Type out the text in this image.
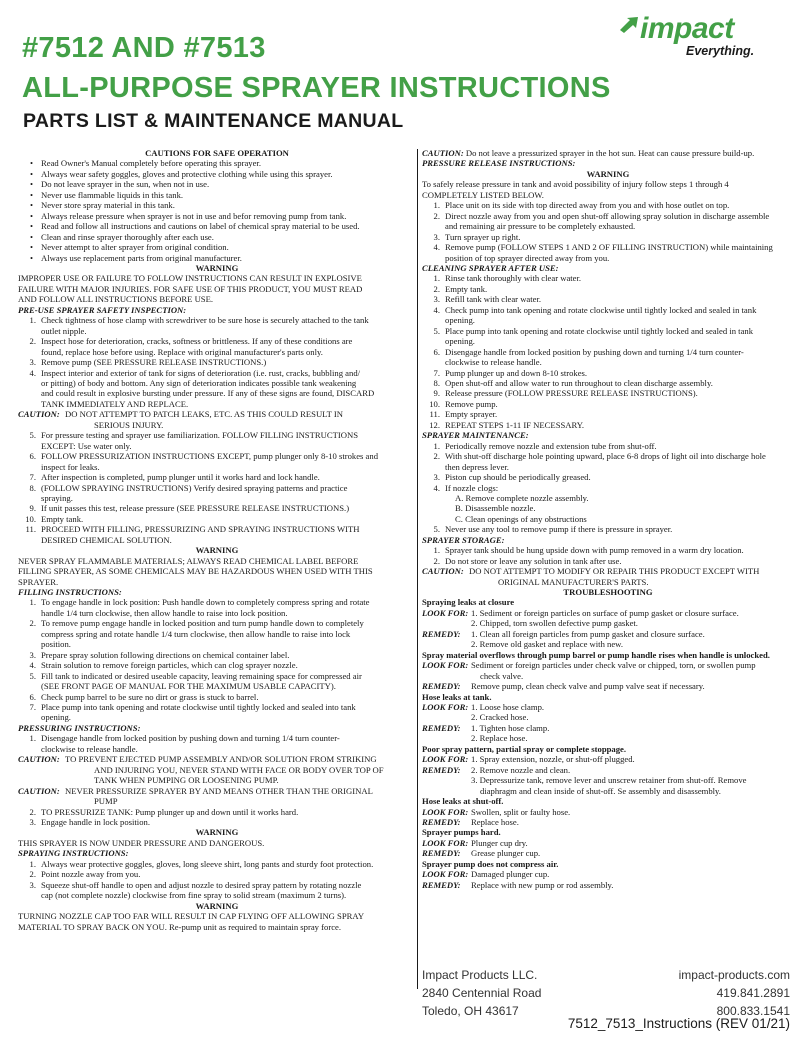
#7512 AND #7513
ALL-PURPOSE SPRAYER INSTRUCTIONS
PARTS LIST & MAINTENANCE MANUAL
impact
Everything.
CAUTIONS FOR SAFE OPERATION
• Read Owner's Manual completely before operating this sprayer.
• Always wear safety goggles, gloves and protective clothing while using this sprayer.
• Do not leave sprayer in the sun, when not in use.
• Never use flammable liquids in this tank.
• Never store spray material in this tank.
• Always release pressure when sprayer is not in use and befor removing pump from tank.
• Read and follow all instructions and cautions on label of chemical spray material to be used.
• Clean and rinse sprayer thoroughly after each use.
• Never attempt to alter sprayer from original condition.
• Always use replacement parts from original manufacturer.
WARNING
IMPROPER USE OR FAILURE TO FOLLOW INSTRUCTIONS CAN RESULT IN EXPLOSIVE
FAILURE WITH MAJOR INJURIES. FOR SAFE USE OF THIS PRODUCT, YOU MUST READ
AND FOLLOW ALL INSTRUCTIONS BEFORE USE.
PRE-USE SPRAYER SAFETY INSPECTION:
1. Check tightness of hose clamp with screwdriver to be sure hose is securely attached to the tank
outlet nipple.
2. Inspect hose for deterioration, cracks, softness or brittleness. If any of these conditions are
found, replace hose before using. Replace with original manufacturer's parts only.
3. Remove pump (SEE PRESSURE RELEASE INSTRUCTIONS.)
4. Inspect interior and exterior of tank for signs of deterioration (i.e. rust, cracks, bubbling and/
or pitting) of body and bottom. Any sign of deterioration indicates possible tank weakening
and could result in explosive bursting under pressure. If any of these signs are found, DISCARD
TANK IMMEDIATELY AND REPLACE.
CAUTION: DO NOT ATTEMPT TO PATCH LEAKS, ETC. AS THIS COULD RESULT IN
SERIOUS INJURY.
5. For pressure testing and sprayer use familiarization. FOLLOW FILLING INSTRUCTIONS
EXCEPT: Use water only.
6. FOLLOW PRESSURIZATION INSTRUCTIONS EXCEPT, pump plunger only 8-10 strokes and
inspect for leaks.
7. After inspection is completed, pump plunger until it works hard and lock handle.
8. (FOLLOW SPRAYING INSTRUCTIONS) Verify desired spraying patterns and practice
spraying.
9. If unit passes this test, release pressure (SEE PRESSURE RELEASE INSTRUCTIONS.)
10. Empty tank.
11. PROCEED WITH FILLING, PRESSURIZING AND SPRAYING INSTRUCTIONS WITH
DESIRED CHEMICAL SOLUTION.
WARNING
NEVER SPRAY FLAMMABLE MATERIALS; ALWAYS READ CHEMICAL LABEL BEFORE
FILLING SPRAYER, AS SOME CHEMICALS MAY BE HAZARDOUS WHEN USED WITH THIS
SPRAYER.
FILLING INSTRUCTIONS:
1. To engage handle in lock position: Push handle down to completely compress spring and rotate
handle 1/4 turn clockwise, then allow handle to raise into lock position.
2. To remove pump engage handle in locked position and turn pump handle down to completely
compress spring and rotate handle 1/4 turn clockwise, then allow handle to raise into lock
position.
3. Prepare spray solution following directions on chemical container label.
4. Strain solution to remove foreign particles, which can clog sprayer nozzle.
5. Fill tank to indicated or desired useable capacity, leaving remaining space for compressed air
(SEE FRONT PAGE OF MANUAL FOR THE MAXIMUM USABLE CAPACITY).
6. Check pump barrel to be sure no dirt or grass is stuck to barrel.
7. Place pump into tank opening and rotate clockwise until tightly locked and sealed into tank
opening.
PRESSURING INSTRUCTIONS:
1. Disengage handle from locked position by pushing down and turning 1/4 turn counter-
clockwise to release handle.
CAUTION: TO PREVENT EJECTED PUMP ASSEMBLY AND/OR SOLUTION FROM STRIKING
AND INJURING YOU, NEVER STAND WITH FACE OR BODY OVER TOP OF
TANK WHEN PUMPING OR LOOSENING PUMP.
CAUTION: NEVER PRESSURIZE SPRAYER BY AND MEANS OTHER THAN THE ORIGINAL
PUMP
2. TO PRESSURIZE TANK: Pump plunger up and down until it works hard.
3. Engage handle in lock position.
WARNING
THIS SPRAYER IS NOW UNDER PRESSURE AND DANGEROUS.
SPRAYING INSTRUCTIONS:
1. Always wear protective goggles, gloves, long sleeve shirt, long pants and sturdy foot protection.
2. Point nozzle away from you.
3. Squeeze shut-off handle to open and adjust nozzle to desired spray pattern by rotating nozzle
cap (not complete nozzle) clockwise from fine spray to solid stream (maximum 2 turns).
WARNING
TURNING NOZZLE CAP TOO FAR WILL RESULT IN CAP FLYING OFF ALLOWING SPRAY
MATERIAL TO SPRAY BACK ON YOU. Re-pump unit as required to maintain spray force.
CAUTION: Do not leave a pressurized sprayer in the hot sun. Heat can cause pressure build-up.
PRESSURE RELEASE INSTRUCTIONS:
WARNING
To safely release pressure in tank and avoid possibility of injury follow steps 1 through 4
COMPLETELY LISTED BELOW.
1. Place unit on its side with top directed away from you and with hose outlet on top.
2. Direct nozzle away from you and open shut-off allowing spray solution in discharge assemble
and remaining air pressure to be completely exhausted.
3. Turn sprayer up right.
4. Remove pump (FOLLOW STEPS 1 AND 2 OF FILLING INSTRUCTION) while maintaining
position of top sprayer directed away from you.
CLEANING SPRAYER AFTER USE:
1. Rinse tank thoroughly with clear water.
2. Empty tank.
3. Refill tank with clear water.
4. Check pump into tank opening and rotate clockwise until tightly locked and sealed in tank
opening.
5. Place pump into tank opening and rotate clockwise until tightly locked and sealed in tank
opening.
6. Disengage handle from locked position by pushing down and turning 1/4 turn counter-
clockwise to release handle.
7. Pump plunger up and down 8-10 strokes.
8. Open shut-off and allow water to run throughout to clean discharge assembly.
9. Release pressure (FOLLOW PRESSURE RELEASE INSTRUCTIONS).
10. Remove pump.
11. Empty sprayer.
12. REPEAT STEPS 1-11 IF NECESSARY.
SPRAYER MAINTENANCE:
1. Periodically remove nozzle and extension tube from shut-off.
2. With shut-off discharge hole pointing upward, place 6-8 drops of light oil into discharge hole
then depress lever.
3. Piston cup should be periodically greased.
4. If nozzle clogs:
A. Remove complete nozzle assembly.
B. Disassemble nozzle.
C. Clean openings of any obstructions
5. Never use any tool to remove pump if there is pressure in sprayer.
SPRAYER STORAGE:
1. Sprayer tank should be hung upside down with pump removed in a warm dry location.
2. Do not store or leave any solution in tank after use.
CAUTION: DO NOT ATTEMPT TO MODIFY OR REPAIR THIS PRODUCT EXCEPT WITH
ORIGINAL MANUFACTURER'S PARTS.
TROUBLESHOOTING
Spraying leaks at closure
LOOK FOR: 1. Sediment or foreign particles on surface of pump gasket or closure surface.
2. Chipped, torn swollen defective pump gasket.
REMEDY: 1. Clean all foreign particles from pump gasket and closure surface.
2. Remove old gasket and replace with new.
Spray material overflows through pump barrel or pump handle rises when handle is unlocked.
LOOK FOR: Sediment or foreign particles under check valve or chipped, torn, or swollen pump
check valve.
REMEDY: Remove pump, clean check valve and pump valve seat if necessary.
Hose leaks at tank.
LOOK FOR: 1. Loose hose clamp.
2. Cracked hose.
REMEDY: 1. Tighten hose clamp.
2. Replace hose.
Poor spray pattern, partial spray or complete stoppage.
LOOK FOR: 1. Spray extension, nozzle, or shut-off plugged.
REMEDY: 2. Remove nozzle and clean.
3. Depressurize tank, remove lever and unscrew retainer from shut-off. Remove
diaphragm and clean inside of shut-off. Se assembly and disassembly.
Hose leaks at shut-off.
LOOK FOR: Swollen, split or faulty hose.
REMEDY: Replace hose.
Sprayer pumps hard.
LOOK FOR: Plunger cup dry.
REMEDY: Grease plunger cup.
Sprayer pump does not compress air.
LOOK FOR: Damaged plunger cup.
REMEDY: Replace with new pump or rod assembly.
Impact Products LLC.
2840 Centennial Road
Toledo, OH 43617
impact-products.com
419.841.2891
800.833.1541
7512_7513_Instructions (REV 01/21)
